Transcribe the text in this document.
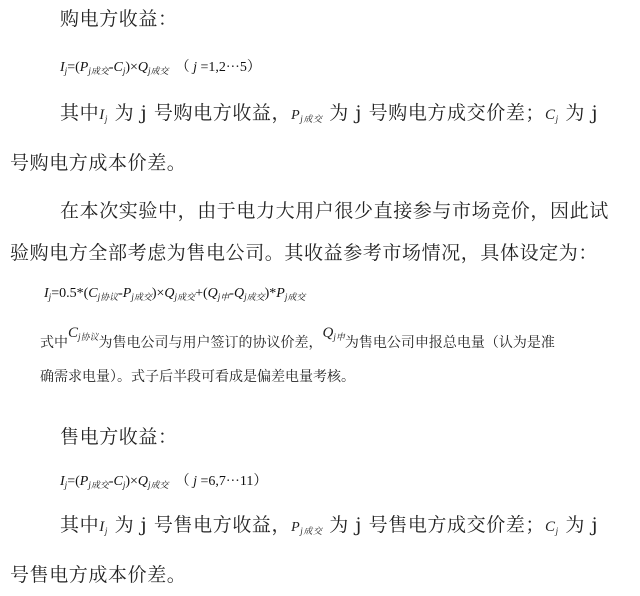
购电方收益：
$I_j=(P_{j成交}-C_j)\times Q_{j成交}$  （ j =1,2···5）
其中$I_j$ 为 j 号购电方收益，$P_{j成交}$ 为 j 号购电方成交价差；$C_j$ 为 j
号购电方成本价差。
在本次实验中，由于电力大用户很少直接参与市场竞价，因此试
验购电方全部考虑为售电公司。其收益参考市场情况，具体设定为：
$I_j=0.5*(C_{j协议}-P_{j成交})\times Q_{j成交}+(Q_{j申}-Q_{j成交})*P_{j成交}$
式中$C_{j协议}$为售电公司与用户签订的协议价差，$Q_{j申}$为售电公司申报总电量（认为是准
确需求电量）。式子后半段可看成是偏差电量考核。
售电方收益：
$I_j=(P_{j成交}-C_j)\times Q_{j成交}$  （ j =6,7···11）
其中$I_j$ 为 j 号售电方收益，$P_{j成交}$ 为 j 号售电方成交价差；$C_j$ 为 j
号售电方成本价差。
